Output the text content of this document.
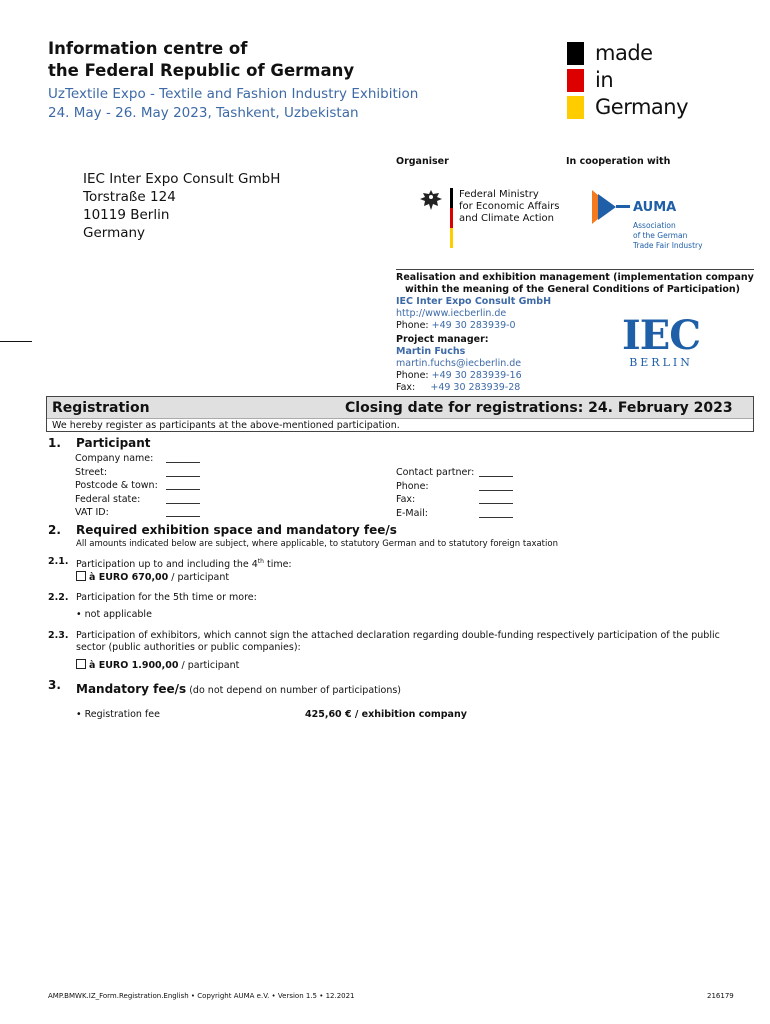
Information centre of
the Federal Republic of Germany
UzTextile Expo - Textile and Fashion Industry Exhibition
24. May - 26. May 2023, Tashkent, Uzbekistan
made
in
Germany
IEC Inter Expo Consult GmbH
Torstraße 124
10119 Berlin
Germany
Organiser
Federal Ministry
for Economic Affairs
and Climate Action
In cooperation with
AUMA
Association
of the German
Trade Fair Industry
Realisation and exhibition management (implementation company
within the meaning of the General Conditions of Participation)
IEC Inter Expo Consult GmbH
http://www.iecberlin.de
Phone: +49 30 283939-0
Project manager:
Martin Fuchs
martin.fuchs@iecberlin.de
Phone: +49 30 283939-16
Fax: +49 30 283939-28
IEC
BERLIN
Registration	Closing date for registrations: 24. February 2023
We hereby register as participants at the above-mentioned participation.
1. Participant
Company name:
Street:
Postcode & town:
Federal state:
VAT ID:
Contact partner:
Phone:
Fax:
E-Mail:
2. Required exhibition space and mandatory fee/s
All amounts indicated below are subject, where applicable, to statutory German and to statutory foreign taxation
2.1. Participation up to and including the 4th time:
à EURO 670,00 / participant
2.2. Participation for the 5th time or more:
• not applicable
2.3. Participation of exhibitors, which cannot sign the attached declaration regarding double-funding respectively participation of the public
sector (public authorities or public companies):
à EURO 1.900,00 / participant
3. Mandatory fee/s (do not depend on number of participations)
• Registration fee	425,60 € / exhibition company
AMP.BMWK.IZ_Form.Registration.English • Copyright AUMA e.V. • Version 1.5 • 12.2021	216179
